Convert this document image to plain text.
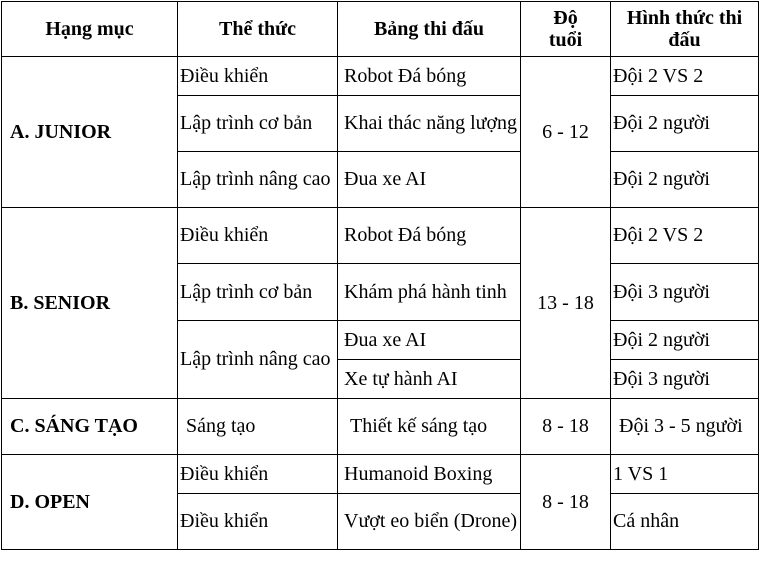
Hạng mục	Thể thức	Bảng thi đấu	Độ tuổi	Hình thức thi đấu
A. JUNIOR	Điều khiển	Robot Đá bóng	6 - 12	Đội 2 VS 2
	Lập trình cơ bản	Khai thác năng lượng		Đội 2 người
	Lập trình nâng cao	Đua xe AI		Đội 2 người
B. SENIOR	Điều khiển	Robot Đá bóng	13 - 18	Đội 2 VS 2
	Lập trình cơ bản	Khám phá hành tinh		Đội 3 người
	Lập trình nâng cao	Đua xe AI		Đội 2 người
		Xe tự hành AI		Đội 3 người
C. SÁNG TẠO	Sáng tạo	Thiết kế sáng tạo	8 - 18	Đội 3 - 5 người
D. OPEN	Điều khiển	Humanoid Boxing	8 - 18	1 VS 1
	Điều khiển	Vượt eo biển (Drone)		Cá nhân
